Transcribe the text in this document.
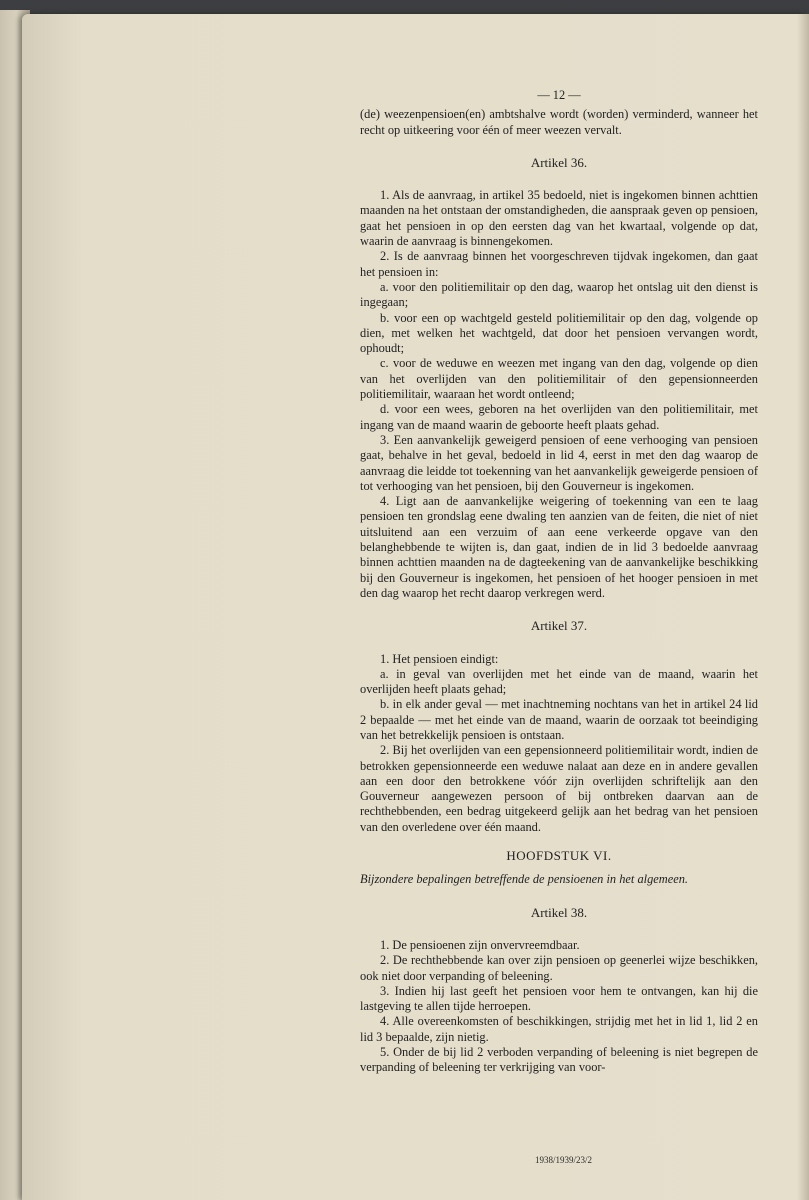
— 12 —

(de) weezenpensioen(en) ambtshalve wordt (worden) verminderd, wanneer het recht op uitkeering voor één of meer weezen vervalt.

Artikel 36.

1. Als de aanvraag, in artikel 35 bedoeld, niet is ingekomen binnen achttien maanden na het ontstaan der omstandigheden, die aanspraak geven op pensioen, gaat het pensioen in op den eersten dag van het kwartaal, volgende op dat, waarin de aanvraag is binnengekomen.

2. Is de aanvraag binnen het voorgeschreven tijdvak ingekomen, dan gaat het pensioen in:

a. voor den politiemilitair op den dag, waarop het ontslag uit den dienst is ingegaan;

b. voor een op wachtgeld gesteld politiemilitair op den dag, volgende op dien, met welken het wachtgeld, dat door het pensioen vervangen wordt, ophoudt;

c. voor de weduwe en weezen met ingang van den dag, volgende op dien van het overlijden van den politiemilitair of den gepensionneerden politiemilitair, waaraan het wordt ontleend;

d. voor een wees, geboren na het overlijden van den politiemilitair, met ingang van de maand waarin de geboorte heeft plaats gehad.

3. Een aanvankelijk geweigerd pensioen of eene verhooging van pensioen gaat, behalve in het geval, bedoeld in lid 4, eerst in met den dag waarop de aanvraag die leidde tot toekenning van het aanvankelijk geweigerde pensioen of tot verhooging van het pensioen, bij den Gouverneur is ingekomen.

4. Ligt aan de aanvankelijke weigering of toekenning van een te laag pensioen ten grondslag eene dwaling ten aanzien van de feiten, die niet of niet uitsluitend aan een verzuim of aan eene verkeerde opgave van den belanghebbende te wijten is, dan gaat, indien de in lid 3 bedoelde aanvraag binnen achttien maanden na de dagteekening van de aanvankelijke beschikking bij den Gouverneur is ingekomen, het pensioen of het hooger pensioen in met den dag waarop het recht daarop verkregen werd.

Artikel 37.

1. Het pensioen eindigt:

a. in geval van overlijden met het einde van de maand, waarin het overlijden heeft plaats gehad;

b. in elk ander geval — met inachtneming nochtans van het in artikel 24 lid 2 bepaalde — met het einde van de maand, waarin de oorzaak tot beeindiging van het betrekkelijk pensioen is ontstaan.

2. Bij het overlijden van een gepensionneerd politiemilitair wordt, indien de betrokken gepensionneerde een weduwe nalaat aan deze en in andere gevallen aan een door den betrokkene vóór zijn overlijden schriftelijk aan den Gouverneur aangewezen persoon of bij ontbreken daarvan aan de rechthebbenden, een bedrag uitgekeerd gelijk aan het bedrag van het pensioen van den overledene over één maand.

HOOFDSTUK VI.

Bijzondere bepalingen betreffende de pensioenen in het algemeen.

Artikel 38.

1. De pensioenen zijn onvervreemdbaar.

2. De rechthebbende kan over zijn pensioen op geenerlei wijze beschikken, ook niet door verpanding of beleening.

3. Indien hij last geeft het pensioen voor hem te ontvangen, kan hij die lastgeving te allen tijde herroepen.

4. Alle overeenkomsten of beschikkingen, strijdig met het in lid 1, lid 2 en lid 3 bepaalde, zijn nietig.

5. Onder de bij lid 2 verboden verpanding of beleening is niet begrepen de verpanding of beleening ter verkrijging van voor-

1938/1939/23/2
